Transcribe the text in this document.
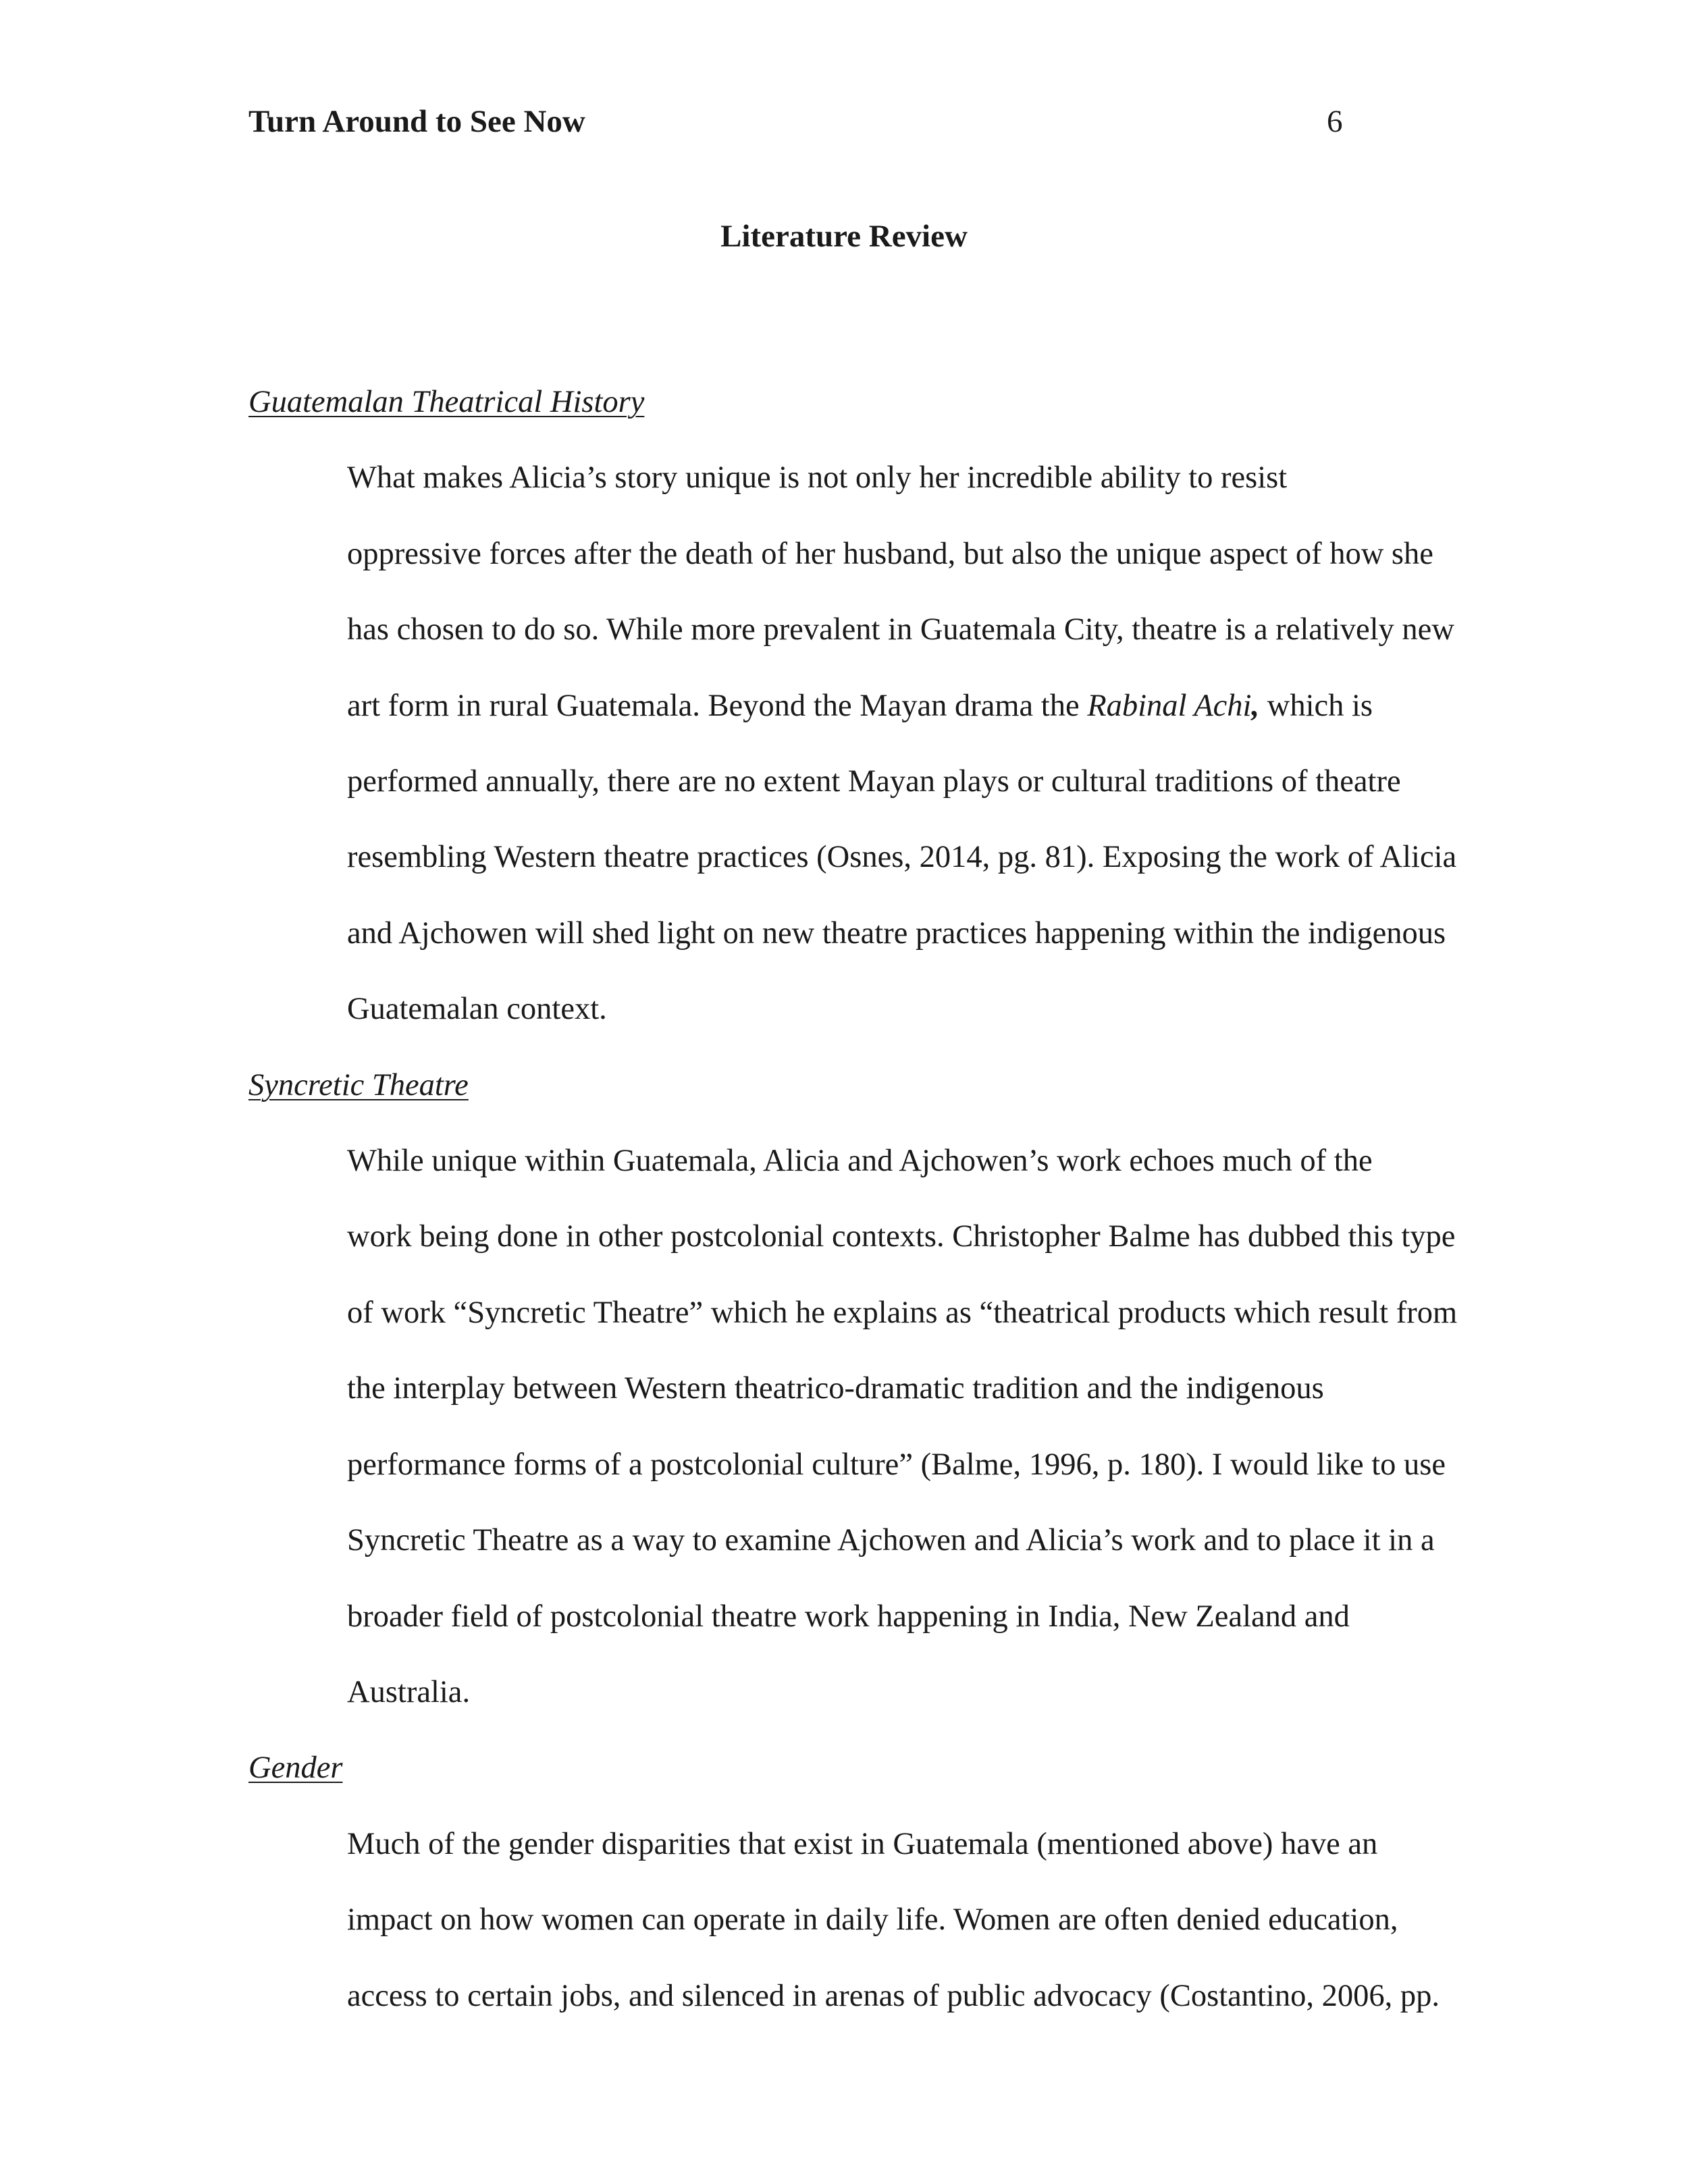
Turn Around to See Now	6
Literature Review
Guatemalan Theatrical History

What makes Alicia’s story unique is not only her incredible ability to resist
oppressive forces after the death of her husband, but also the unique aspect of how she
has chosen to do so. While more prevalent in Guatemala City, theatre is a relatively new
art form in rural Guatemala. Beyond the Mayan drama the Rabinal Achi, which is
performed annually, there are no extent Mayan plays or cultural traditions of theatre
resembling Western theatre practices (Osnes, 2014, pg. 81). Exposing the work of Alicia
and Ajchowen will shed light on new theatre practices happening within the indigenous
Guatemalan context.

Syncretic Theatre

While unique within Guatemala, Alicia and Ajchowen’s work echoes much of the
work being done in other postcolonial contexts. Christopher Balme has dubbed this type
of work “Syncretic Theatre” which he explains as “theatrical products which result from
the interplay between Western theatrico-dramatic tradition and the indigenous
performance forms of a postcolonial culture” (Balme, 1996, p. 180). I would like to use
Syncretic Theatre as a way to examine Ajchowen and Alicia’s work and to place it in a
broader field of postcolonial theatre work happening in India, New Zealand and
Australia.

Gender

Much of the gender disparities that exist in Guatemala (mentioned above) have an
impact on how women can operate in daily life. Women are often denied education,
access to certain jobs, and silenced in arenas of public advocacy (Costantino, 2006, pp.
